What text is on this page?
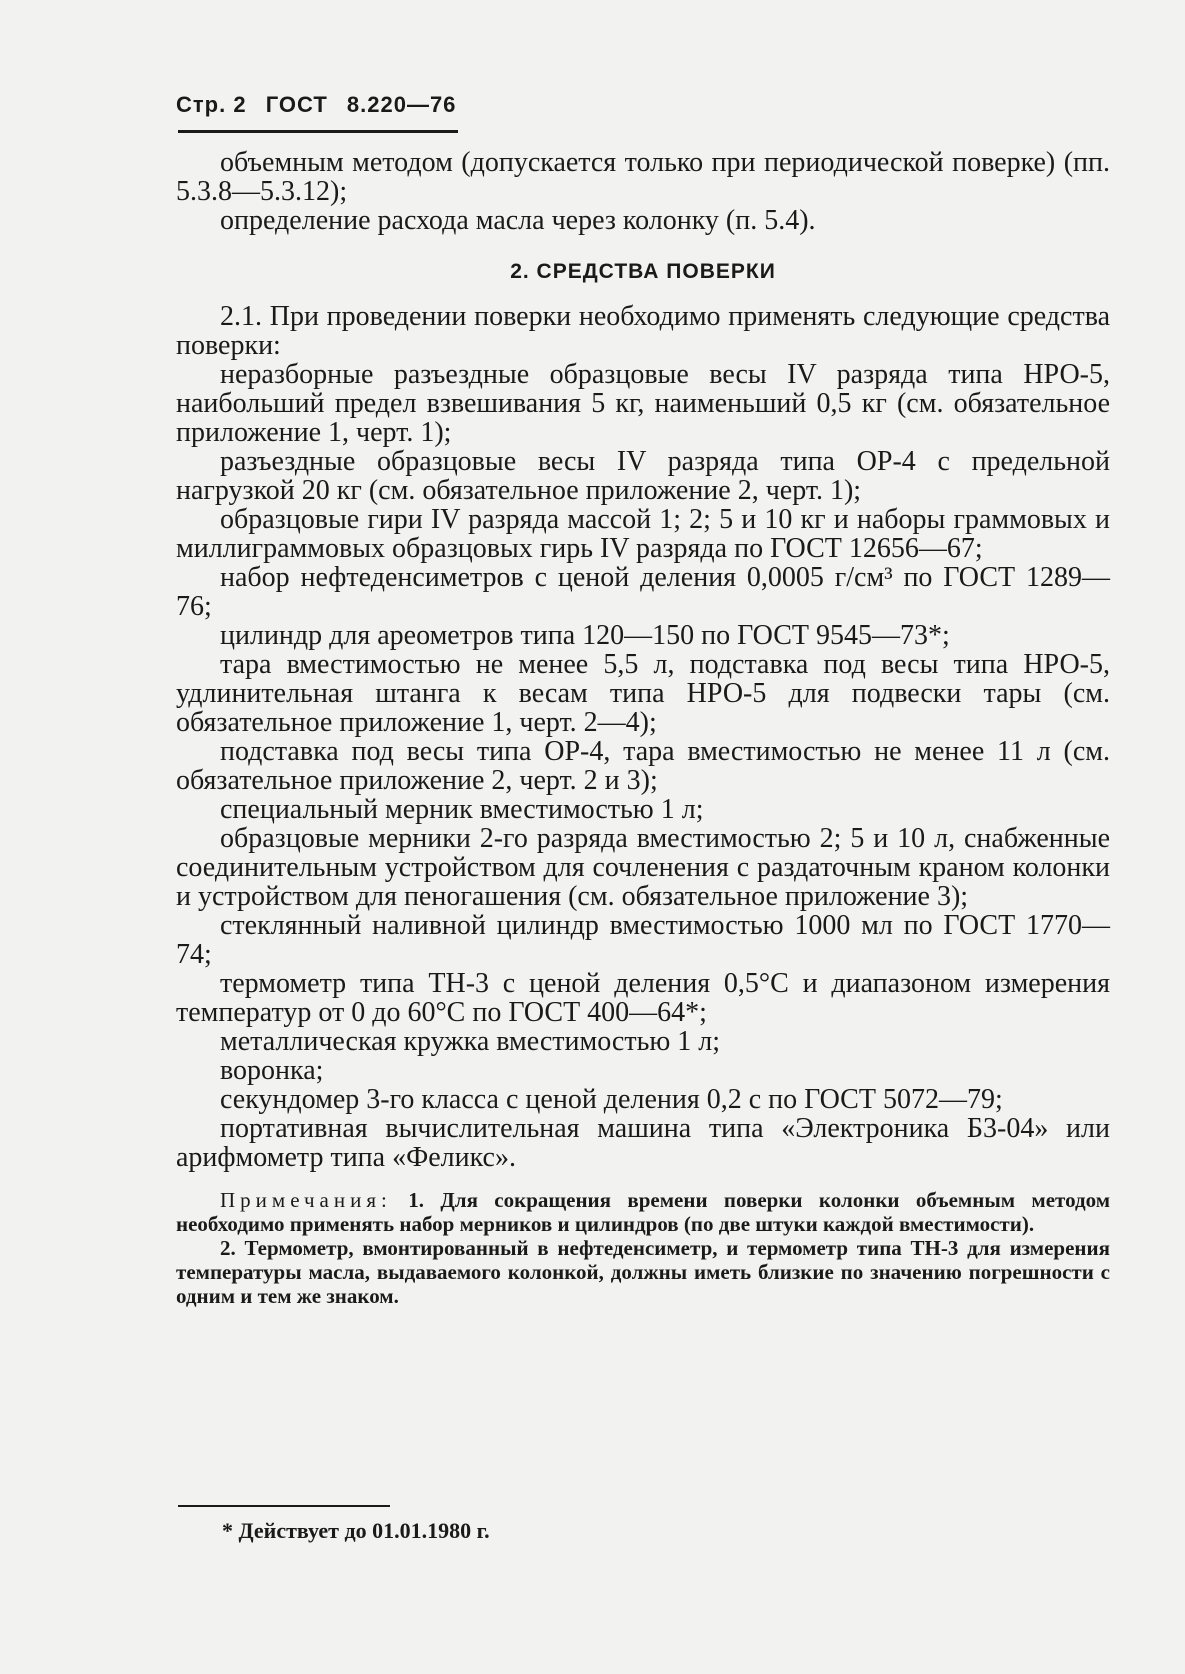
Стр. 2 ГОСТ 8.220—76

объемным методом (допускается только при периодической поверке) (пп. 5.3.8—5.3.12);

определение расхода масла через колонку (п. 5.4).

2. СРЕДСТВА ПОВЕРКИ

2.1. При проведении поверки необходимо применять следующие средства поверки:

неразборные разъездные образцовые весы IV разряда типа НРО-5, наибольший предел взвешивания 5 кг, наименьший 0,5 кг (см. обязательное приложение 1, черт. 1);

разъездные образцовые весы IV разряда типа ОР-4 с предельной нагрузкой 20 кг (см. обязательное приложение 2, черт. 1);

образцовые гири IV разряда массой 1; 2; 5 и 10 кг и наборы граммовых и миллиграммовых образцовых гирь IV разряда по ГОСТ 12656—67;

набор нефтеденсиметров с ценой деления 0,0005 г/см³ по ГОСТ 1289—76;

цилиндр для ареометров типа 120—150 по ГОСТ 9545—73*;

тара вместимостью не менее 5,5 л, подставка под весы типа НРО-5, удлинительная штанга к весам типа НРО-5 для подвески тары (см. обязательное приложение 1, черт. 2—4);

подставка под весы типа ОР-4, тара вместимостью не менее 11 л (см. обязательное приложение 2, черт. 2 и 3);

специальный мерник вместимостью 1 л;

образцовые мерники 2-го разряда вместимостью 2; 5 и 10 л, снабженные соединительным устройством для сочленения с раздаточным краном колонки и устройством для пеногашения (см. обязательное приложение 3);

стеклянный наливной цилиндр вместимостью 1000 мл по ГОСТ 1770—74;

термометр типа ТН-3 с ценой деления 0,5°С и диапазоном измерения температур от 0 до 60°С по ГОСТ 400—64*;

металлическая кружка вместимостью 1 л;

воронка;

секундомер 3-го класса с ценой деления 0,2 с по ГОСТ 5072—79;

портативная вычислительная машина типа «Электроника Б3-04» или арифмометр типа «Феликс».

Примечания: 1. Для сокращения времени поверки колонки объемным методом необходимо применять набор мерников и цилиндров (по две штуки каждой вместимости).

2. Термометр, вмонтированный в нефтеденсиметр, и термометр типа ТН-3 для измерения температуры масла, выдаваемого колонкой, должны иметь близкие по значению погрешности с одним и тем же знаком.

* Действует до 01.01.1980 г.
